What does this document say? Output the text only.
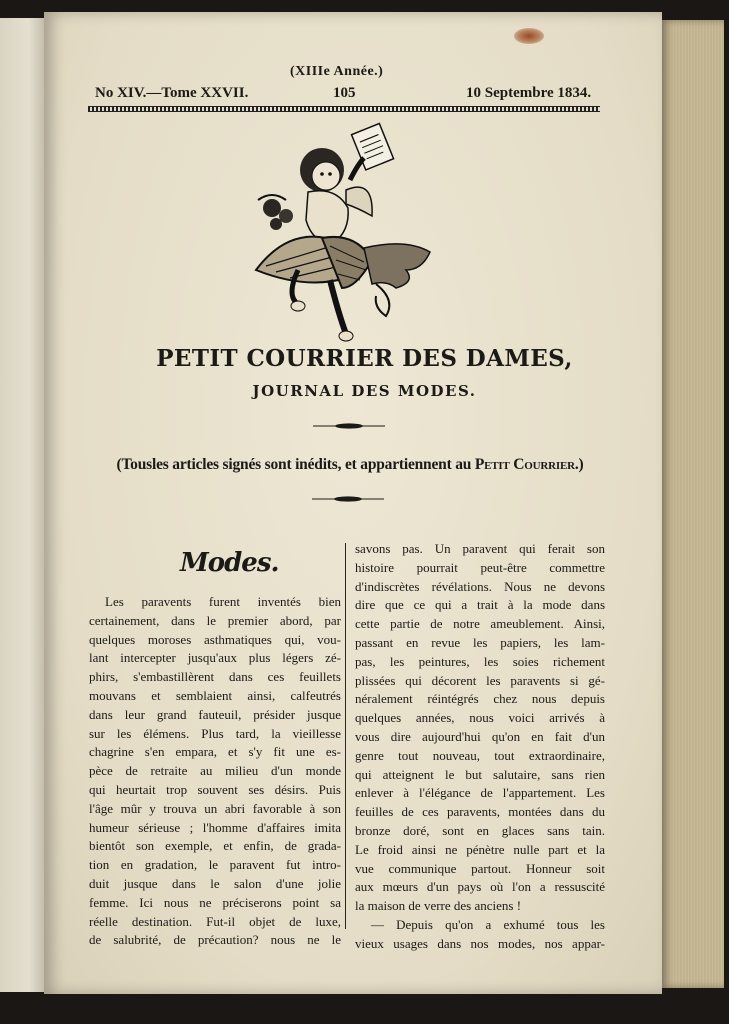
(XIIIe Année.)
No XIV.—Tome XXVII.	105	10 Septembre 1834.
PETIT COURRIER DES DAMES,
JOURNAL DES MODES.
(Tousles articles signés sont inédits, et appartiennent au Petit Courrier.)
Modes.
Les paravents furent inventés bien
certainement, dans le premier abord, par
quelques moroses asthmatiques qui, vou-
lant intercepter jusqu'aux plus légers zé-
phirs, s'embastillèrent dans ces feuillets
mouvans et semblaient ainsi, calfeutrés
dans leur grand fauteuil, présider jusque
sur les élémens. Plus tard, la vieillesse
chagrine s'en empara, et s'y fit une es-
pèce de retraite au milieu d'un monde
qui heurtait trop souvent ses désirs. Puis
l'âge mûr y trouva un abri favorable à son
humeur sérieuse ; l'homme d'affaires imita
bientôt son exemple, et enfin, de grada-
tion en gradation, le paravent fut intro-
duit jusque dans le salon d'une jolie
femme. Ici nous ne préciserons point sa
réelle destination. Fut-il objet de luxe,
de salubrité, de précaution? nous ne le
savons pas. Un paravent qui ferait son
histoire pourrait peut-être commettre
d'indiscrètes révélations. Nous ne devons
dire que ce qui a trait à la mode dans
cette partie de notre ameublement. Ainsi,
passant en revue les papiers, les lam-
pas, les peintures, les soies richement
plissées qui décorent les paravents si gé-
néralement réintégrés chez nous depuis
quelques années, nous voici arrivés à
vous dire aujourd'hui qu'on en fait d'un
genre tout nouveau, tout extraordinaire,
qui atteignent le but salutaire, sans rien
enlever à l'élégance de l'appartement. Les
feuilles de ces paravents, montées dans du
bronze doré, sont en glaces sans tain.
Le froid ainsi ne pénètre nulle part et la
vue communique partout. Honneur soit
aux mœurs d'un pays où l'on a ressuscité
la maison de verre des anciens !
— Depuis qu'on a exhumé tous les
vieux usages dans nos modes, nos appar-
